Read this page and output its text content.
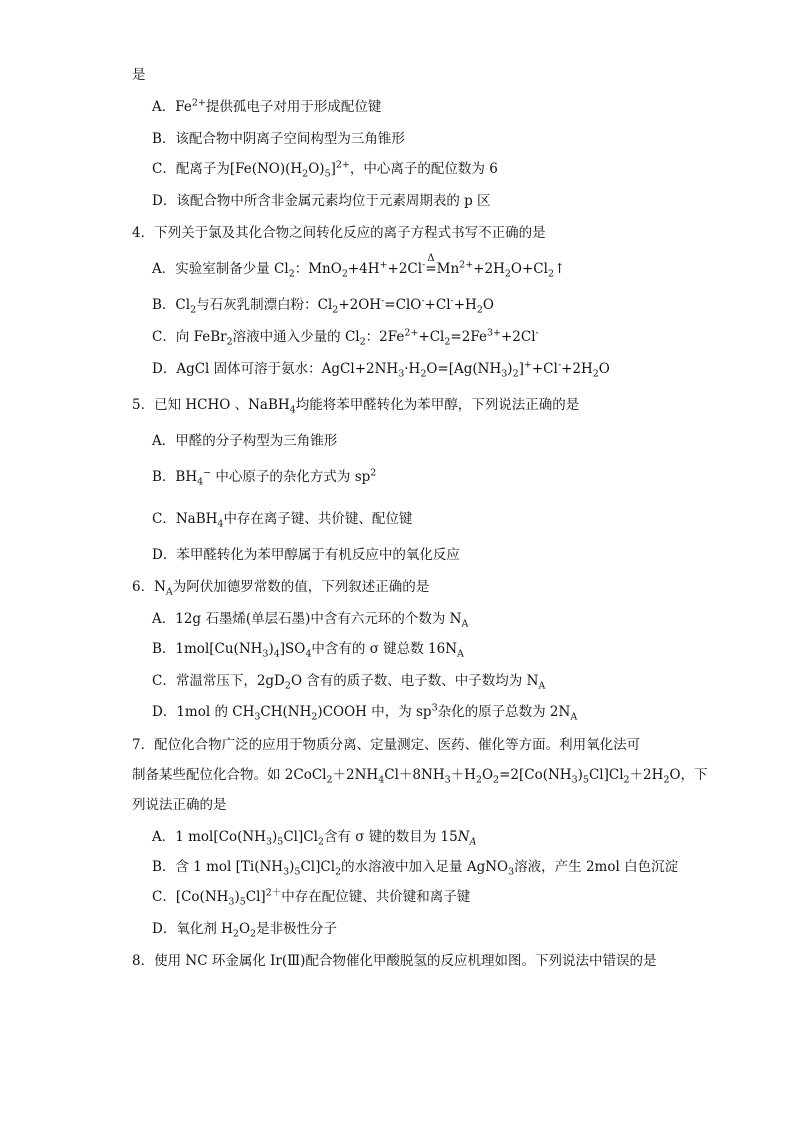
是
A．$Fe^{2+}$提供孤电子对用于形成配位键
B．该配合物中阴离子空间构型为三角锥形
C．配离子为$[Fe(NO)(H_2O)_5]^{2+}$，中心离子的配位数为 6
D．该配合物中所含非金属元素均位于元素周期表的 p 区
4．下列关于氯及其化合物之间转化反应的离子方程式书写不正确的是
A．实验室制备少量 $Cl_2$：MnO$_2$+4H++2Cl-
Δ
$=Mn^{2+}+2H_2O+Cl_2↑$
B．$Cl_2$与石灰乳制漂白粉：$Cl_2+2OH^-=ClO^-+Cl^-+H_2O$
C．向 FeBr$_2$溶液中通入少量的 $Cl_2$：$2Fe^{2+}+Cl_2=2Fe^{3+}+2Cl^-$
D．AgCl 固体可溶于氨水：$AgCl+2NH_3\cdot H_2O=[Ag(NH_3)_2]^++Cl^-+2H_2O$
5．已知 HCHO 、NaBH$_4$均能将苯甲醛转化为苯甲醇，下列说法正确的是
A．甲醛的分子构型为三角锥形
B．$BH_4^-$ 中心原子的杂化方式为 $sp^2$
C．NaBH$_4$中存在离子键、共价键、配位键
D．苯甲醛转化为苯甲醇属于有机反应中的氧化反应
6．$N_A$为阿伏加德罗常数的值，下列叙述正确的是
A．12g 石墨烯(单层石墨)中含有六元环的个数为 $N_A$
B．$1mol[Cu(NH_3)_4]SO_4$中含有的 σ 键总数 $16N_A$
C．常温常压下，$2gD_2O$ 含有的质子数、电子数、中子数均为 $N_A$
D．1mol 的 $CH_3CH(NH_2)COOH$ 中，为 $sp^3$杂化的原子总数为 $2N_A$
7．配位化合物广泛的应用于物质分离、定量测定、医药、催化等方面。利用氧化法可
制备某些配位化合物。如 $2CoCl_2+2NH_4Cl+8NH_3+H_2O_2=2[Co(NH_3)_5Cl]Cl_2+2H_2O$，下
列说法正确的是
A．1 $mol[Co(NH_3)_5Cl]Cl_2$含有 σ 键的数目为 $15N_A$
B．含 1 mol $[Ti(NH_3)_5Cl]Cl_2$的水溶液中加入足量 AgNO$_3$溶液，产生 2mol 白色沉淀
C．$[Co(NH_3)_5Cl]^{2+}$中存在配位键、共价键和离子键
D．氧化剂 $H_2O_2$是非极性分子
8．使用 NC 环金属化 Ir(Ⅲ)配合物催化甲酸脱氢的反应机理如图。下列说法中错误的是
